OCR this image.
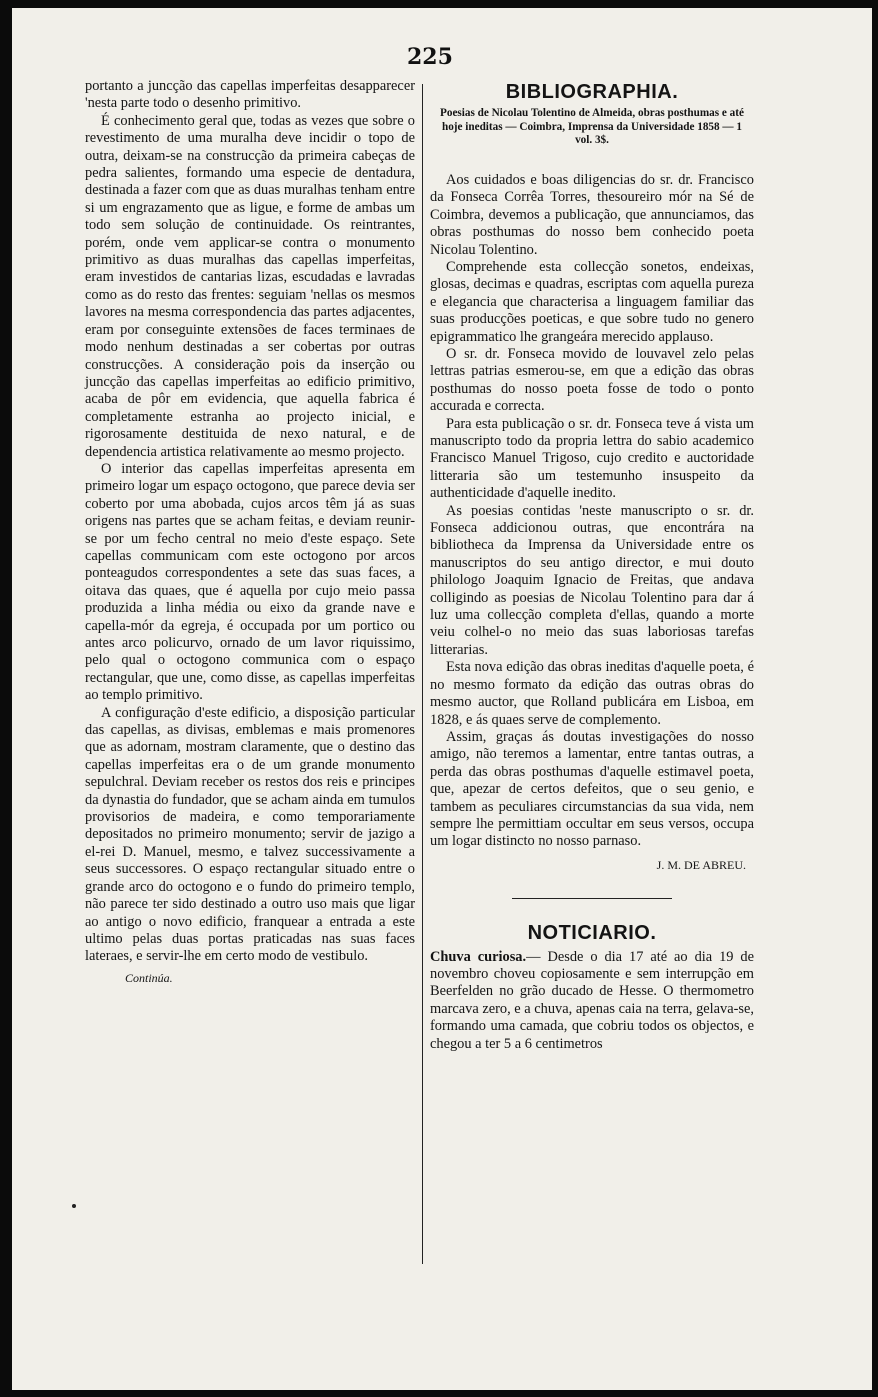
225

portanto a juncção das capellas imperfeitas desapparecer 'nesta parte todo o desenho primitivo.

É conhecimento geral que, todas as vezes que sobre o revestimento de uma muralha deve incidir o topo de outra, deixam-se na construcção da primeira cabeças de pedra salientes, formando uma especie de dentadura, destinada a fazer com que as duas muralhas tenham entre si um engrazamento que as ligue, e forme de ambas um todo sem solução de continuidade. Os reintrantes, porém, onde vem applicar-se contra o monumento primitivo as duas muralhas das capellas imperfeitas, eram investidos de cantarias lizas, escudadas e lavradas como as do resto das frentes: seguiam 'nellas os mesmos lavores na mesma correspondencia das partes adjacentes, eram por conseguinte extensões de faces terminaes de modo nenhum destinadas a ser cobertas por outras construcções. A consideração pois da inserção ou juncção das capellas imperfeitas ao edificio primitivo, acaba de pôr em evidencia, que aquella fabrica é completamente estranha ao projecto inicial, e rigorosamente destituida de nexo natural, e de dependencia artistica relativamente ao mesmo projecto.

O interior das capellas imperfeitas apresenta em primeiro logar um espaço octogono, que parece devia ser coberto por uma abobada, cujos arcos têm já as suas origens nas partes que se acham feitas, e deviam reunir-se por um fecho central no meio d'este espaço. Sete capellas communicam com este octogono por arcos ponteagudos correspondentes a sete das suas faces, a oitava das quaes, que é aquella por cujo meio passa produzida a linha média ou eixo da grande nave e capella-mór da egreja, é occupada por um portico ou antes arco policurvo, ornado de um lavor riquissimo, pelo qual o octogono communica com o espaço rectangular, que une, como disse, as capellas imperfeitas ao templo primitivo.

A configuração d'este edificio, a disposição particular das capellas, as divisas, emblemas e mais promenores que as adornam, mostram claramente, que o destino das capellas imperfeitas era o de um grande monumento sepulchral. Deviam receber os restos dos reis e principes da dynastia do fundador, que se acham ainda em tumulos provisorios de madeira, e como temporariamente depositados no primeiro monumento; servir de jazigo a el-rei D. Manuel, mesmo, e talvez successivamente a seus successores. O espaço rectangular situado entre o grande arco do octogono e o fundo do primeiro templo, não parece ter sido destinado a outro uso mais que ligar ao antigo o novo edificio, franquear a entrada a este ultimo pelas duas portas praticadas nas suas faces lateraes, e servir-lhe em certo modo de vestibulo.

Continúa.
BIBLIOGRAPHIA.
Poesias de Nicolau Tolentino de Almeida, obras posthumas e até hoje ineditas — Coimbra, Imprensa da Universidade 1858 — 1 vol. 3$.

Aos cuidados e boas diligencias do sr. dr. Francisco da Fonseca Corrêa Torres, thesoureiro mór na Sé de Coimbra, devemos a publicação, que annunciamos, das obras posthumas do nosso bem conhecido poeta Nicolau Tolentino.

Comprehende esta collecção sonetos, endeixas, glosas, decimas e quadras, escriptas com aquella pureza e elegancia que characterisa a linguagem familiar das suas producções poeticas, e que sobre tudo no genero epigrammatico lhe grangeára merecido applauso.

O sr. dr. Fonseca movido de louvavel zelo pelas lettras patrias esmerou-se, em que a edição das obras posthumas do nosso poeta fosse de todo o ponto accurada e correcta.

Para esta publicação o sr. dr. Fonseca teve á vista um manuscripto todo da propria lettra do sabio academico Francisco Manuel Trigoso, cujo credito e auctoridade litteraria são um testemunho insuspeito da authenticidade d'aquelle inedito.

As poesias contidas 'neste manuscripto o sr. dr. Fonseca addicionou outras, que encontrára na bibliotheca da Imprensa da Universidade entre os manuscriptos do seu antigo director, e mui douto philologo Joaquim Ignacio de Freitas, que andava colligindo as poesias de Nicolau Tolentino para dar á luz uma collecção completa d'ellas, quando a morte veiu colhel-o no meio das suas laboriosas tarefas litterarias.

Esta nova edição das obras ineditas d'aquelle poeta, é no mesmo formato da edição das outras obras do mesmo auctor, que Rolland publicára em Lisboa, em 1828, e ás quaes serve de complemento.

Assim, graças ás doutas investigações do nosso amigo, não teremos a lamentar, entre tantas outras, a perda das obras posthumas d'aquelle estimavel poeta, que, apezar de certos defeitos, que o seu genio, e tambem as peculiares circumstancias da sua vida, nem sempre lhe permittiam occultar em seus versos, occupa um logar distincto no nosso parnaso.

J. M. DE ABREU.
NOTICIARIO.

Chuva curiosa.— Desde o dia 17 até ao dia 19 de novembro choveu copiosamente e sem interrupção em Beerfelden no grão ducado de Hesse. O thermometro marcava zero, e a chuva, apenas caia na terra, gelava-se, formando uma camada, que cobriu todos os objectos, e chegou a ter 5 a 6 centimetros
